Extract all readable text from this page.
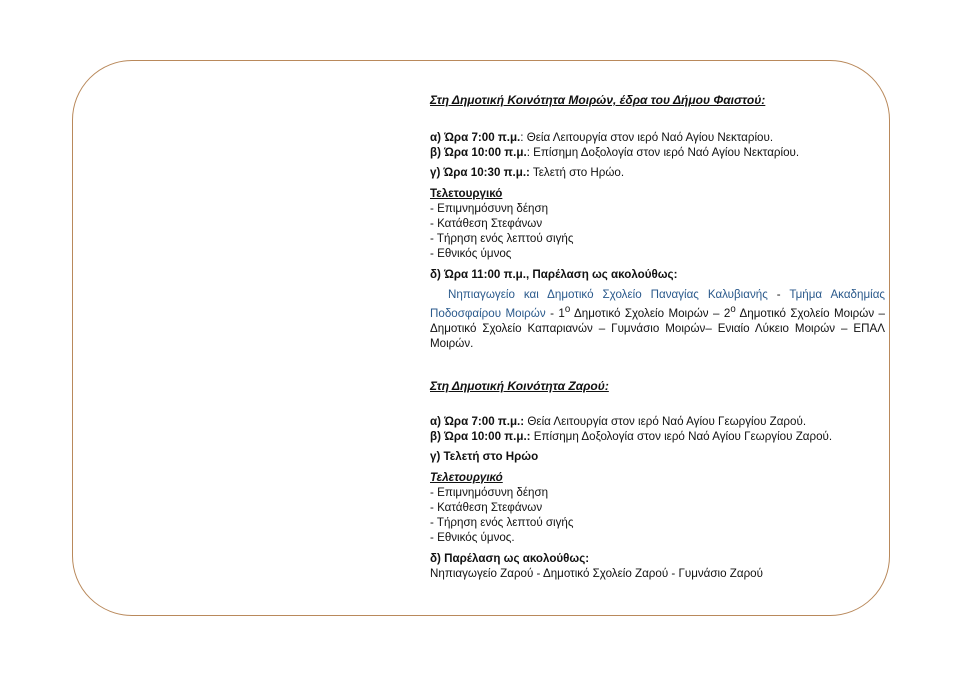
Στη Δημοτική Κοινότητα Μοιρών, έδρα του Δήμου Φαιστού:

α) Ώρα 7:00 π.μ.: Θεία Λειτουργία στον ιερό Ναό Αγίου Νεκταρίου.

β) Ώρα 10:00 π.μ.: Επίσημη Δοξολογία στον ιερό Ναό Αγίου Νεκταρίου.

γ) Ώρα 10:30 π.μ.: Τελετή στο Ηρώο.

Τελετουργικό

- Επιμνημόσυνη δέηση

- Κατάθεση Στεφάνων

- Τήρηση ενός λεπτού σιγής

- Εθνικός ύμνος

δ) Ώρα 11:00 π.μ., Παρέλαση ως ακολούθως:

Νηπιαγωγείο και Δημοτικό Σχολείο Παναγίας Καλυβιανής - Τμήμα Ακαδημίας Ποδοσφαίρου Μοιρών - $1^o$ Δημοτικό Σχολείο Μοιρών – $2^o$ Δημοτικό Σχολείο Μοιρών – Δημοτικό Σχολείο Καπαριανών – Γυμνάσιο Μοιρών– Ενιαίο Λύκειο Μοιρών – ΕΠΑΛ Μοιρών.

Στη Δημοτική Κοινότητα Ζαρού:

α) Ώρα 7:00 π.μ.: Θεία Λειτουργία στον ιερό Ναό Αγίου Γεωργίου Ζαρού.

β) Ώρα 10:00 π.μ.: Επίσημη Δοξολογία στον ιερό Ναό Αγίου Γεωργίου Ζαρού.

γ) Τελετή στο Ηρώο

Τελετουργικό

- Επιμνημόσυνη δέηση

- Κατάθεση Στεφάνων

- Τήρηση ενός λεπτού σιγής

- Εθνικός ύμνος.

δ) Παρέλαση ως ακολούθως:

Νηπιαγωγείο Ζαρού - Δημοτικό Σχολείο Ζαρού - Γυμνάσιο Ζαρού
